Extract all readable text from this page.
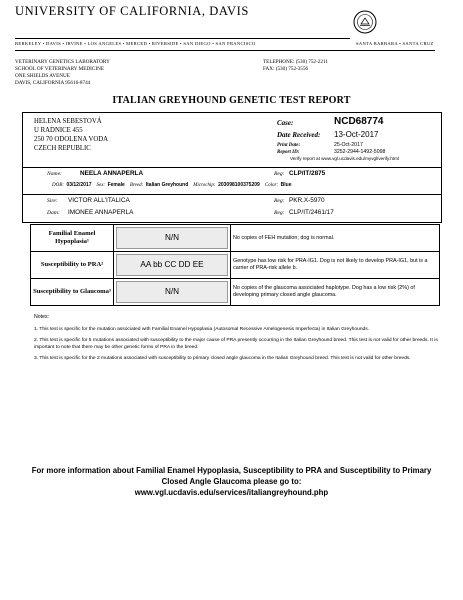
UNIVERSITY OF CALIFORNIA, DAVIS
BERKELEY • DAVIS • IRVINE • LOS ANGELES • MERCED • RIVERSIDE • SAN DIEGO • SAN FRANCISCO	SANTA BARBARA • SANTA CRUZ
VETERINARY GENETICS LABORATORY
SCHOOL OF VETERINARY MEDICINE
ONE SHIELDS AVENUE
DAVIS, CALIFORNIA 95616-8744
TELEPHONE: (530) 752-2211
FAX: (530) 752-3556
ITALIAN GREYHOUND GENETIC TEST REPORT
HELENA SEBESTOVÁ
U RADNICE 455
250 70 ODOLENA VODA
CZECH REPUBLIC
Case:	NCD68774
Date Received: 13-Oct-2017
Print Date:	25-Oct-2017
Report ID:	3252-2944-1492-5098
Verify report at www.vgl.ucdavis.edu/myvgl/verify.html
Name:	NEELA ANNAPERLA	Reg: CLP/IT/2875
DOB: 03/12/2017 Sex: Female Breed: Italian Greyhound Microchip: 203098100375209 Color: Blue
Sire: VICTOR ALL'ITALICA	Reg: PKR.X-5970
Dam: IMONEE ANNAPERLA	Reg: CLP/IT/2461/17
Familial Enamel Hypoplasia¹	N/N	No copies of FEH mutation; dog is normal.
Susceptibility to PRA²	AA bb CC DD EE	Genotype has low risk for PRA-IG1. Dog is not likely to develop PRA-IG1, but is a carrier of PRA-risk allele b.
Susceptibility to Glaucoma³	N/N	No copies of the glaucoma associated haplotype. Dog has a low risk (2%) of developing primary closed angle glaucoma.
Notes:
1. This test is specific for the mutation associated with Familial Enamel Hypoplasia (Autosomal Recessive Amelogenesis Imperfecta) in Italian Greyhounds.
2. This test is specific for 5 mutations associated with susceptibility to the major cause of PRA presently occurring in the Italian Greyhound breed. This test is not valid for other breeds. It is important to note that there may be other genetic forms of PRA in the breed.
3. This test is specific for the 2 mutations associated with susceptibility to primary closed angle glaucoma in the Italian Greyhound breed. This test is not valid for other breeds.
For more information about Familial Enamel Hypoplasia, Susceptibility to PRA and Susceptibility to Primary
Closed Angle Glaucoma please go to:
www.vgl.ucdavis.edu/services/italiangreyhound.php
